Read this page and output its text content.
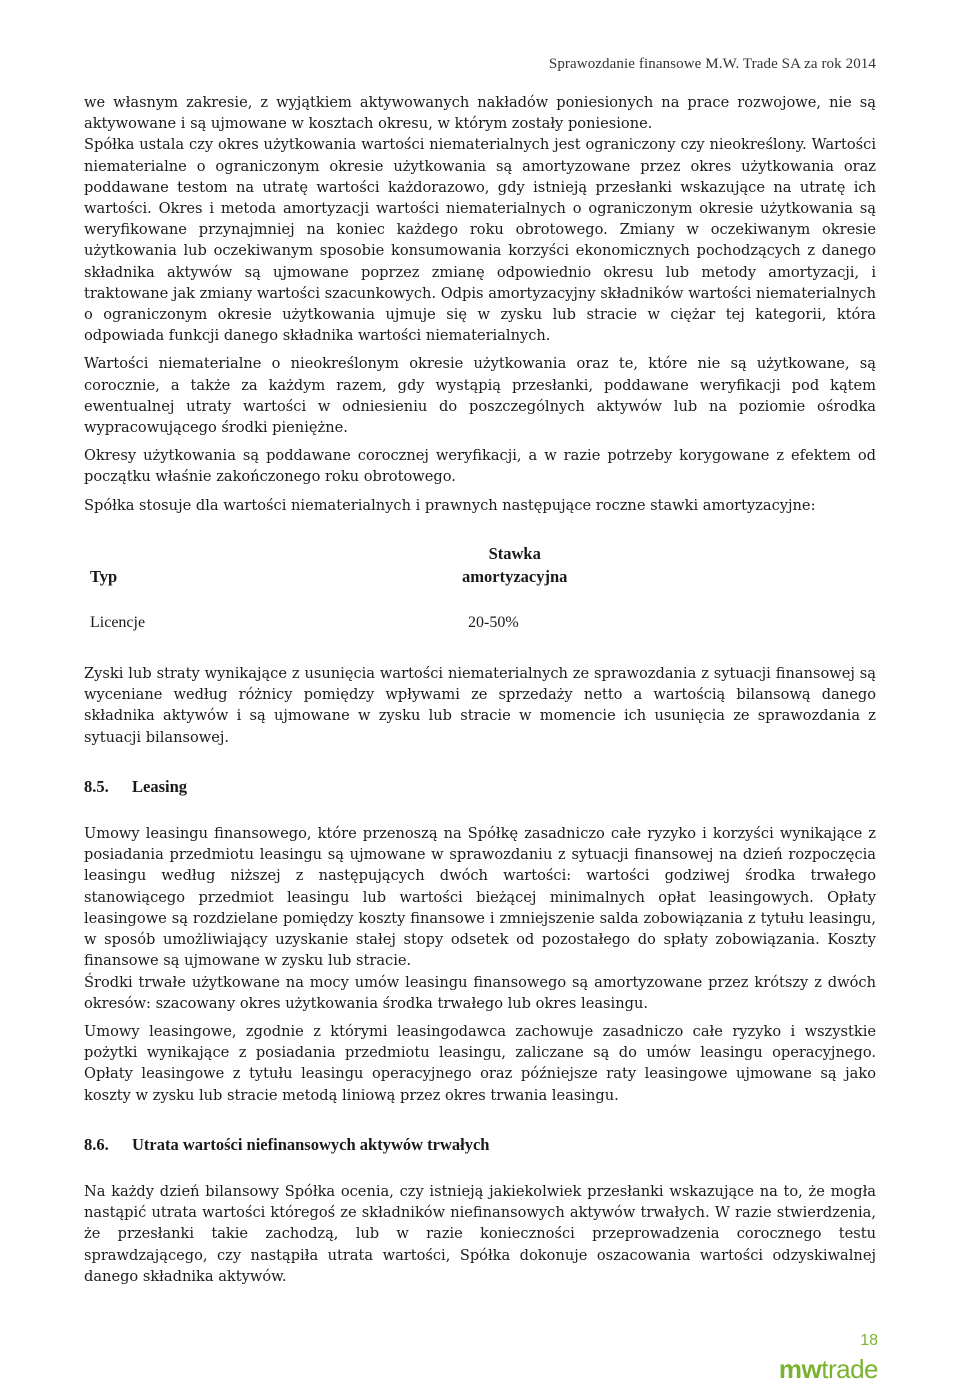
Sprawozdanie finansowe M.W. Trade SA za rok 2014

we własnym zakresie, z wyjątkiem aktywowanych nakładów poniesionych na prace rozwojowe, nie są aktywowane i są ujmowane w kosztach okresu, w którym zostały poniesione.

Spółka ustala czy okres użytkowania wartości niematerialnych jest ograniczony czy nieokreślony. Wartości niematerialne o ograniczonym okresie użytkowania są amortyzowane przez okres użytkowania oraz poddawane testom na utratę wartości każdorazowo, gdy istnieją przesłanki wskazujące na utratę ich wartości. Okres i metoda amortyzacji wartości niematerialnych o ograniczonym okresie użytkowania są weryfikowane przynajmniej na koniec każdego roku obrotowego. Zmiany w oczekiwanym okresie użytkowania lub oczekiwanym sposobie konsumowania korzyści ekonomicznych pochodzących z danego składnika aktywów są ujmowane poprzez zmianę odpowiednio okresu lub metody amortyzacji, i traktowane jak zmiany wartości szacunkowych. Odpis amortyzacyjny składników wartości niematerialnych o ograniczonym okresie użytkowania ujmuje się w zysku lub stracie w ciężar tej kategorii, która odpowiada funkcji danego składnika wartości niematerialnych.

Wartości niematerialne o nieokreślonym okresie użytkowania oraz te, które nie są użytkowane, są corocznie, a także za każdym razem, gdy wystąpią przesłanki, poddawane weryfikacji pod kątem ewentualnej utraty wartości w odniesieniu do poszczególnych aktywów lub na poziomie ośrodka wypracowującego środki pieniężne.

Okresy użytkowania są poddawane corocznej weryfikacji, a w razie potrzeby korygowane z efektem od początku właśnie zakończonego roku obrotowego.

Spółka stosuje dla wartości niematerialnych i prawnych następujące roczne stawki amortyzacyjne:

Typ	Stawka
amortyzacyjna
Licencje	20-50%

Zyski lub straty wynikające z usunięcia wartości niematerialnych ze sprawozdania z sytuacji finansowej są wyceniane według różnicy pomiędzy wpływami ze sprzedaży netto a wartością bilansową danego składnika aktywów i są ujmowane w zysku lub stracie w momencie ich usunięcia ze sprawozdania z sytuacji bilansowej.

8.5. Leasing

Umowy leasingu finansowego, które przenoszą na Spółkę zasadniczo całe ryzyko i korzyści wynikające z posiadania przedmiotu leasingu są ujmowane w sprawozdaniu z sytuacji finansowej na dzień rozpoczęcia leasingu według niższej z następujących dwóch wartości: wartości godziwej środka trwałego stanowiącego przedmiot leasingu lub wartości bieżącej minimalnych opłat leasingowych. Opłaty leasingowe są rozdzielane pomiędzy koszty finansowe i zmniejszenie salda zobowiązania z tytułu leasingu, w sposób umożliwiający uzyskanie stałej stopy odsetek od pozostałego do spłaty zobowiązania. Koszty finansowe są ujmowane w zysku lub stracie.

Środki trwałe użytkowane na mocy umów leasingu finansowego są amortyzowane przez krótszy z dwóch okresów: szacowany okres użytkowania środka trwałego lub okres leasingu.

Umowy leasingowe, zgodnie z którymi leasingodawca zachowuje zasadniczo całe ryzyko i wszystkie pożytki wynikające z posiadania przedmiotu leasingu, zaliczane są do umów leasingu operacyjnego. Opłaty leasingowe z tytułu leasingu operacyjnego oraz późniejsze raty leasingowe ujmowane są jako koszty w zysku lub stracie metodą liniową przez okres trwania leasingu.

8.6. Utrata wartości niefinansowych aktywów trwałych

Na każdy dzień bilansowy Spółka ocenia, czy istnieją jakiekolwiek przesłanki wskazujące na to, że mogła nastąpić utrata wartości któregoś ze składników niefinansowych aktywów trwałych. W razie stwierdzenia, że przesłanki takie zachodzą, lub w razie konieczności przeprowadzenia corocznego testu sprawdzającego, czy nastąpiła utrata wartości, Spółka dokonuje oszacowania wartości odzyskiwalnej danego składnika aktywów.

18
mwtrade
